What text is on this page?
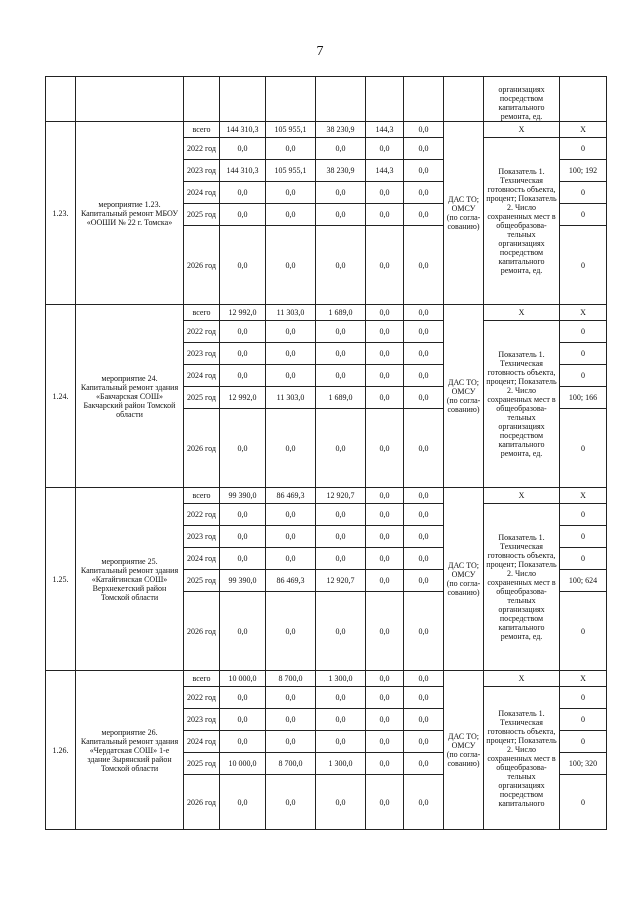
7
									организациях посредством капитального ремонта, ед.	
1.23.	мероприятие 1.23. Капитальный ремонт МБОУ «ООШИ № 22 г. Томска»	всего	144 310,3	105 955,1	38 230,9	144,3	0,0	ДАС ТО; ОМСУ (по согла-сованию)	X	Х
		2022 год	0,0	0,0	0,0	0,0	0,0		Показатель 1. Техническая готовность объекта, процент; Показатель 2. Число сохраненных мест в общеобразова-тельных организациях посредством капитального ремонта, ед.	0
		2023 год	144 310,3	105 955,1	38 230,9	144,3	0,0			100; 192
		2024 год	0,0	0,0	0,0	0,0	0,0			0
		2025 год	0,0	0,0	0,0	0,0	0,0			0
		2026 год	0,0	0,0	0,0	0,0	0,0			0
1.24.	мероприятие 24. Капитальный ремонт здания «Бакчарская СОШ» Бакчарский район Томской области	всего	12 992,0	11 303,0	1 689,0	0,0	0,0	ДАС ТО; ОМСУ (по согла-сованию)	X	Х
		2022 год	0,0	0,0	0,0	0,0	0,0		Показатель 1. Техническая готовность объекта, процент; Показатель 2. Число сохраненных мест в общеобразова-тельных организациях посредством капитального ремонта, ед.	0
		2023 год	0,0	0,0	0,0	0,0	0,0			0
		2024 год	0,0	0,0	0,0	0,0	0,0			0
		2025 год	12 992,0	11 303,0	1 689,0	0,0	0,0			100; 166
		2026 год	0,0	0,0	0,0	0,0	0,0			0
1.25.	мероприятие 25. Капитальный ремонт здания «Катайгинская СОШ» Верхнекетский район Томской области	всего	99 390,0	86 469,3	12 920,7	0,0	0,0	ДАС ТО; ОМСУ (по согла-сованию)	X	Х
		2022 год	0,0	0,0	0,0	0,0	0,0		Показатель 1. Техническая готовность объекта, процент; Показатель 2. Число сохраненных мест в общеобразова-тельных организациях посредством капитального ремонта, ед.	0
		2023 год	0,0	0,0	0,0	0,0	0,0			0
		2024 год	0,0	0,0	0,0	0,0	0,0			0
		2025 год	99 390,0	86 469,3	12 920,7	0,0	0,0			100; 624
		2026 год	0,0	0,0	0,0	0,0	0,0			0
1.26.	мероприятие 26. Капитальный ремонт здания «Чердатская СОШ» 1-е здание Зырянский район Томской области	всего	10 000,0	8 700,0	1 300,0	0,0	0,0	ДАС ТО; ОМСУ (по согла-сованию)	X	Х
		2022 год	0,0	0,0	0,0	0,0	0,0		Показатель 1. Техническая готовность объекта, процент; Показатель 2. Число сохраненных мест в общеобразова-тельных организациях посредством капитального	0
		2023 год	0,0	0,0	0,0	0,0	0,0			0
		2024 год	0,0	0,0	0,0	0,0	0,0			0
		2025 год	10 000,0	8 700,0	1 300,0	0,0	0,0			100; 320
		2026 год	0,0	0,0	0,0	0,0	0,0			0
